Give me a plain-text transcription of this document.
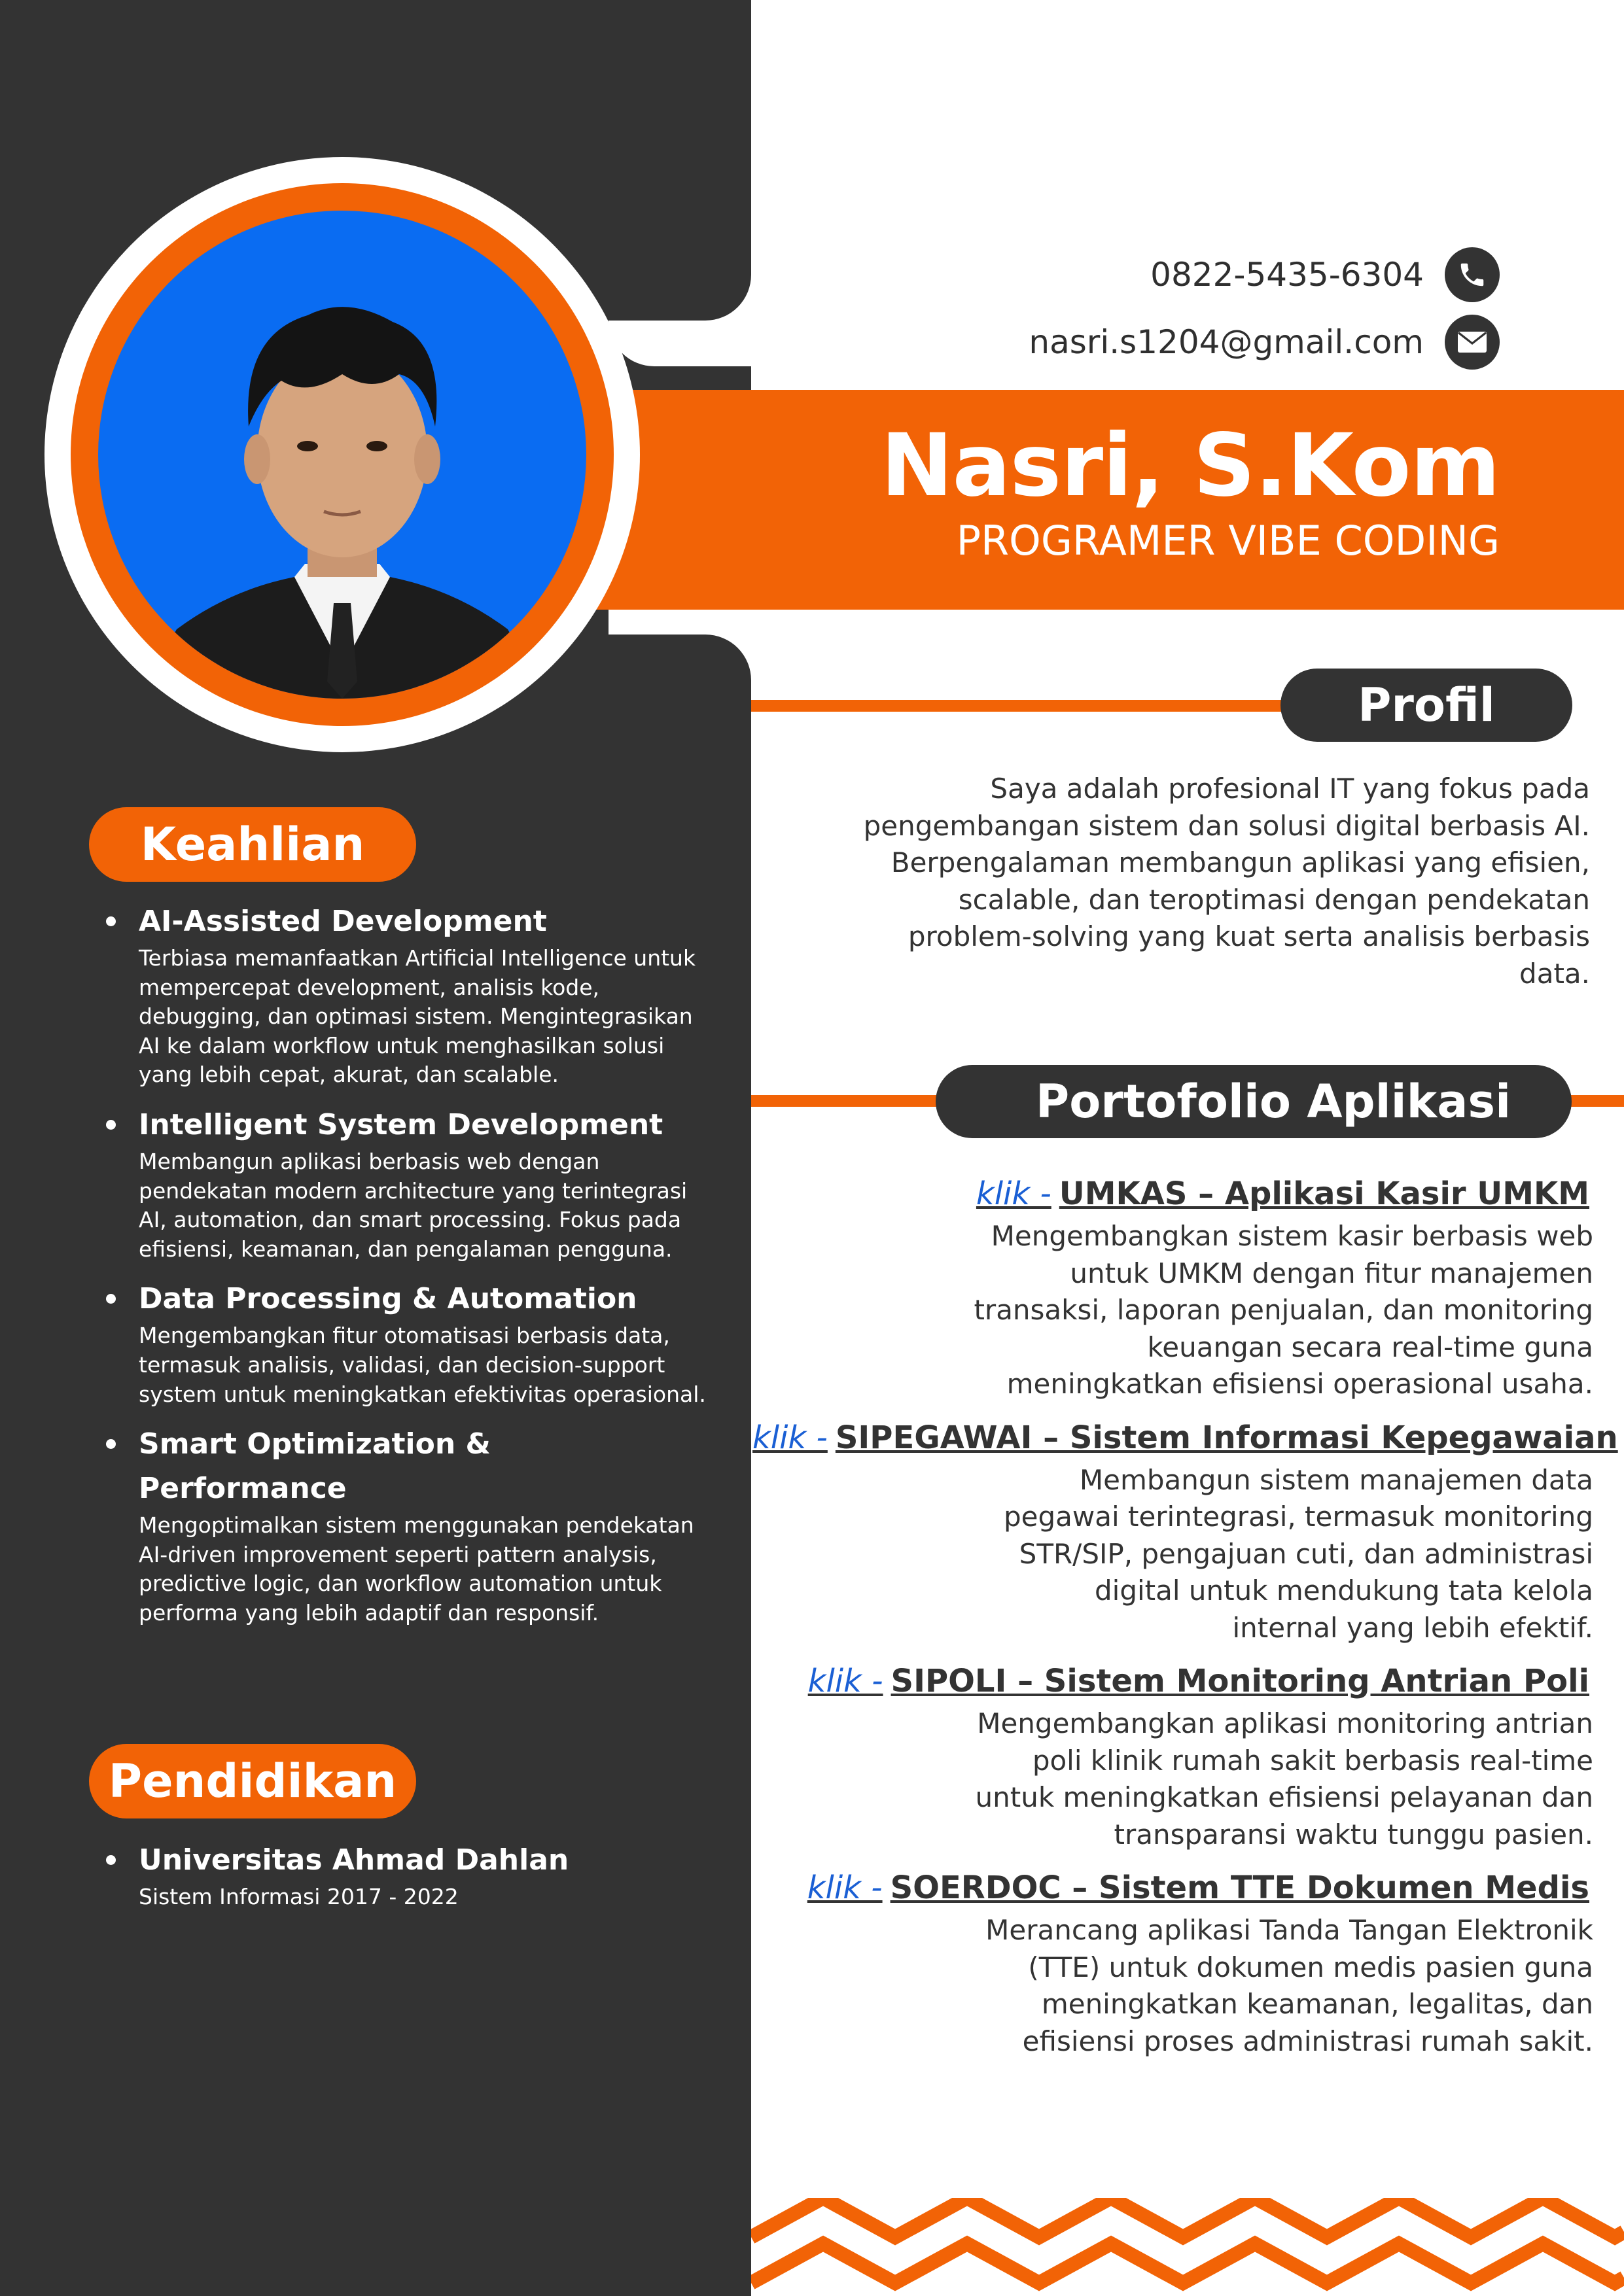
0822-5435-6304
nasri.s1204@gmail.com
Nasri, S.Kom
PROGRAMER VIBE CODING
Profil
Saya adalah profesional IT yang fokus pada pengembangan sistem dan solusi digital berbasis AI. Berpengalaman membangun aplikasi yang efisien, scalable, dan teroptimasi dengan pendekatan problem-solving yang kuat serta analisis berbasis data.
Portofolio Aplikasi
klik - UMKAS – Aplikasi Kasir UMKM
Mengembangkan sistem kasir berbasis web untuk UMKM dengan fitur manajemen transaksi, laporan penjualan, dan monitoring keuangan secara real-time guna meningkatkan efisiensi operasional usaha.
klik - SIPEGAWAI – Sistem Informasi Kepegawaian
Membangun sistem manajemen data pegawai terintegrasi, termasuk monitoring STR/SIP, pengajuan cuti, dan administrasi digital untuk mendukung tata kelola internal yang lebih efektif.
klik - SIPOLI – Sistem Monitoring Antrian Poli
Mengembangkan aplikasi monitoring antrian poli klinik rumah sakit berbasis real-time untuk meningkatkan efisiensi pelayanan dan transparansi waktu tunggu pasien.
klik - SOERDOC – Sistem TTE Dokumen Medis
Merancang aplikasi Tanda Tangan Elektronik (TTE) untuk dokumen medis pasien guna meningkatkan keamanan, legalitas, dan efisiensi proses administrasi rumah sakit.
Keahlian
AI-Assisted Development
Terbiasa memanfaatkan Artificial Intelligence untuk mempercepat development, analisis kode, debugging, dan optimasi sistem. Mengintegrasikan AI ke dalam workflow untuk menghasilkan solusi yang lebih cepat, akurat, dan scalable.
Intelligent System Development
Membangun aplikasi berbasis web dengan pendekatan modern architecture yang terintegrasi AI, automation, dan smart processing. Fokus pada efisiensi, keamanan, dan pengalaman pengguna.
Data Processing & Automation
Mengembangkan fitur otomatisasi berbasis data, termasuk analisis, validasi, dan decision-support system untuk meningkatkan efektivitas operasional.
Smart Optimization & Performance
Mengoptimalkan sistem menggunakan pendekatan AI-driven improvement seperti pattern analysis, predictive logic, dan workflow automation untuk performa yang lebih adaptif dan responsif.
Pendidikan
Universitas Ahmad Dahlan
Sistem Informasi 2017 - 2022
